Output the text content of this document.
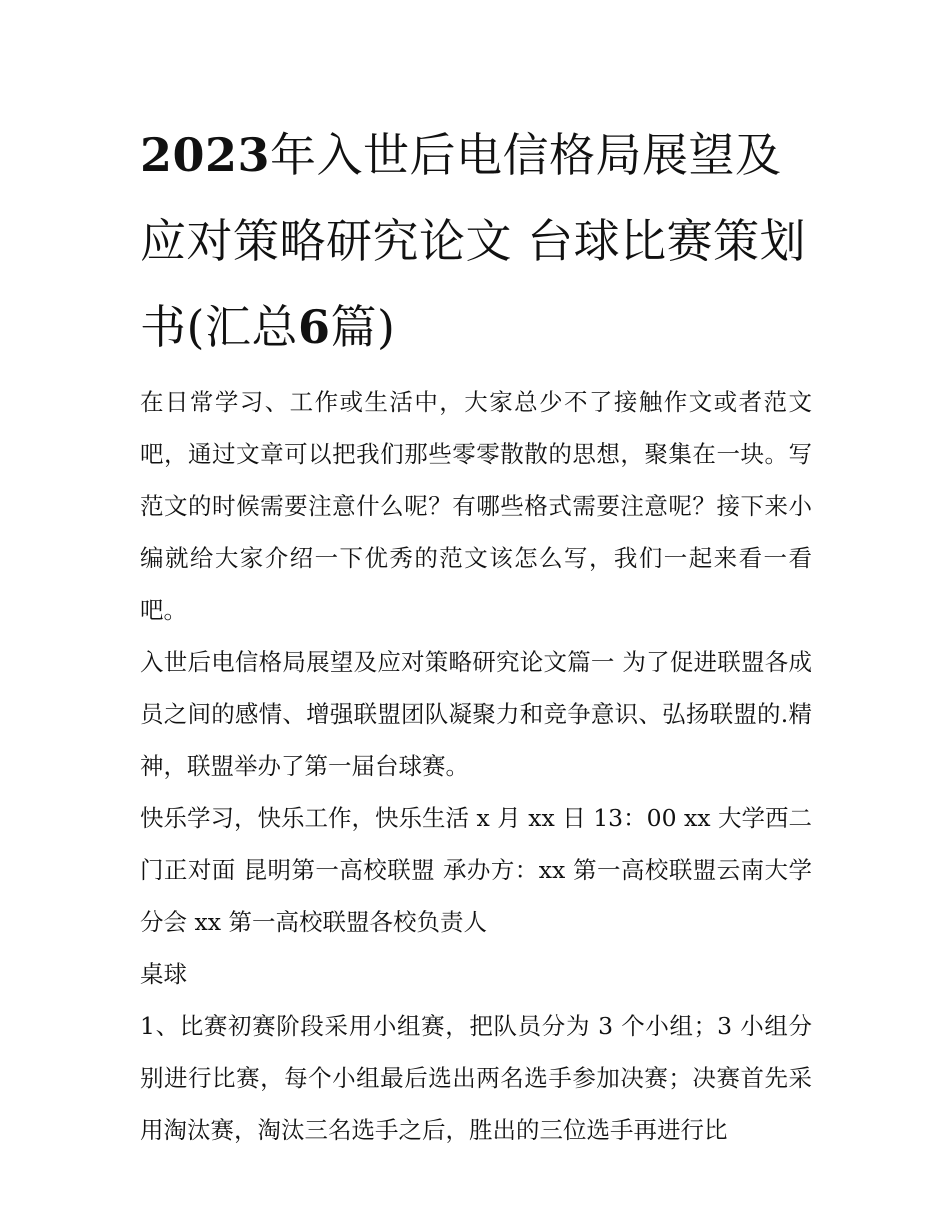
2023年入世后电信格局展望及应对策略研究论文 台球比赛策划书(汇总6篇)

在日常学习、工作或生活中，大家总少不了接触作文或者范文吧，通过文章可以把我们那些零零散散的思想，聚集在一块。写范文的时候需要注意什么呢？有哪些格式需要注意呢？接下来小编就给大家介绍一下优秀的范文该怎么写，我们一起来看一看吧。

入世后电信格局展望及应对策略研究论文篇一 为了促进联盟各成员之间的感情、增强联盟团队凝聚力和竞争意识、弘扬联盟的.精神，联盟举办了第一届台球赛。

快乐学习，快乐工作，快乐生活 x 月 xx 日 13：00 xx 大学西二门正对面 昆明第一高校联盟 承办方：xx 第一高校联盟云南大学分会 xx 第一高校联盟各校负责人

桌球

1、比赛初赛阶段采用小组赛，把队员分为 3 个小组；3 小组分别进行比赛，每个小组最后选出两名选手参加决赛；决赛首先采用淘汰赛，淘汰三名选手之后，胜出的三位选手再进行比
